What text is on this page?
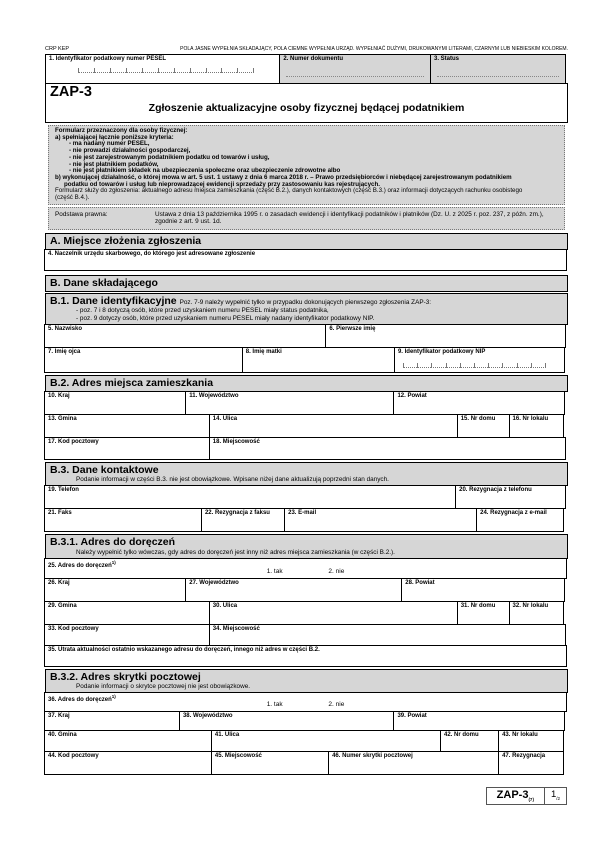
CRP KEP	POLA JASNE WYPEŁNIA SKŁADAJĄCY, POLA CIEMNE WYPEŁNIA URZĄD. WYPEŁNIAĆ DUŻYMI, DRUKOWANYMI LITERAMI, CZARNYM LUB NIEBIESKIM KOLOREM.
1. Identyfikator podatkowy numer PESEL	2. Numer dokumentu	3. Status
ZAP-3
Zgłoszenie aktualizacyjne osoby fizycznej będącej podatnikiem
Formularz przeznaczony dla osoby fizycznej:
a) spełniającej łącznie poniższe kryteria:
- ma nadany numer PESEL,
- nie prowadzi działalności gospodarczej,
- nie jest zarejestrowanym podatnikiem podatku od towarów i usług,
- nie jest płatnikiem podatków,
- nie jest płatnikiem składek na ubezpieczenia społeczne oraz ubezpieczenie zdrowotne albo
b) wykonującej działalność, o której mowa w art. 5 ust. 1 ustawy z dnia 6 marca 2018 r. – Prawo przedsiębiorców i niebędącej zarejestrowanym podatnikiem
podatku od towarów i usług lub nieprowadzącej ewidencji sprzedaży przy zastosowaniu kas rejestrujących.
Formularz służy do zgłoszenia: aktualnego adresu miejsca zamieszkania (część B.2.), danych kontaktowych (część B.3.) oraz informacji dotyczących rachunku osobistego
(część B.4.).
Podstawa prawna:	Ustawa z dnia 13 października 1995 r. o zasadach ewidencji i identyfikacji podatników i płatników (Dz. U. z 2025 r. poz. 237, z późn. zm.),
zgodnie z art. 9 ust. 1d.
A. Miejsce złożenia zgłoszenia
4. Naczelnik urzędu skarbowego, do którego jest adresowane zgłoszenie
B. Dane składającego
B.1. Dane identyfikacyjne Poz. 7-9 należy wypełnić tylko w przypadku dokonujących pierwszego zgłoszenia ZAP-3:
- poz. 7 i 8 dotyczą osób, które przed uzyskaniem numeru PESEL miały status podatnika,
- poz. 9 dotyczy osób, które przed uzyskaniem numeru PESEL miały nadany identyfikator podatkowy NIP.
5. Nazwisko	6. Pierwsze imię
7. Imię ojca	8. Imię matki	9. Identyfikator podatkowy NIP
B.2. Adres miejsca zamieszkania
10. Kraj	11. Województwo	12. Powiat
13. Gmina	14. Ulica	15. Nr domu	16. Nr lokalu
17. Kod pocztowy	18. Miejscowość
B.3. Dane kontaktowe
Podanie informacji w części B.3. nie jest obowiązkowe. Wpisane niżej dane aktualizują poprzedni stan danych.
19. Telefon	20. Rezygnacja z telefonu
21. Faks	22. Rezygnacja z faksu	23. E-mail	24. Rezygnacja z e-mail
B.3.1. Adres do doręczeń
Należy wypełnić tylko wówczas, gdy adres do doręczeń jest inny niż adres miejsca zamieszkania (w części B.2.).
25. Adres do doręczeń$^{1)}$
1. tak	2. nie
26. Kraj	27. Województwo	28. Powiat
29. Gmina	30. Ulica	31. Nr domu	32. Nr lokalu
33. Kod pocztowy	34. Miejscowość
35. Utrata aktualności ostatnio wskazanego adresu do doręczeń, innego niż adres w części B.2.
B.3.2. Adres skrytki pocztowej
Podanie informacji o skrytce pocztowej nie jest obowiązkowe.
36. Adres do doręczeń$^{1)}$
1. tak	2. nie
37. Kraj	38. Województwo	39. Powiat
40. Gmina	41. Ulica	42. Nr domu	43. Nr lokalu
44. Kod pocztowy	45. Miejscowość	46. Numer skrytki pocztowej	47. Rezygnacja
ZAP-$3_{(7)}$	$1_{/2}$
